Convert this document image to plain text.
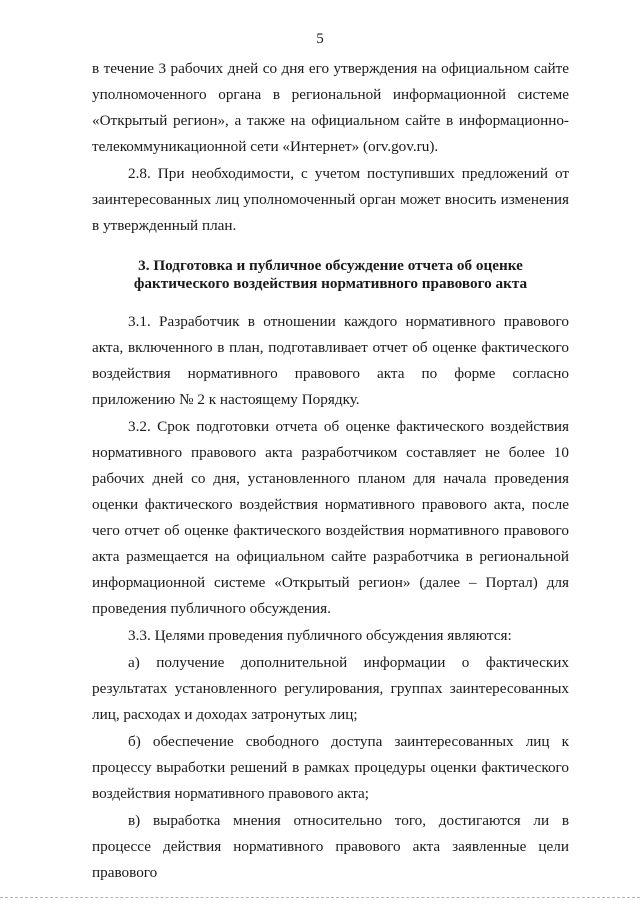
5

в течение 3 рабочих дней со дня его утверждения на официальном сайте уполномоченного органа в региональной информационной системе «Открытый регион», а также на официальном сайте в информационно-телекоммуникационной сети «Интернет» (orv.gov.ru).

2.8. При необходимости, с учетом поступивших предложений от заинтересованных лиц уполномоченный орган может вносить изменения в утвержденный план.

3. Подготовка и публичное обсуждение отчета об оценке
фактического воздействия нормативного правового акта

3.1. Разработчик в отношении каждого нормативного правового акта, включенного в план, подготавливает отчет об оценке фактического воздействия нормативного правового акта по форме согласно приложению № 2 к настоящему Порядку.

3.2. Срок подготовки отчета об оценке фактического воздействия нормативного правового акта разработчиком составляет не более 10 рабочих дней со дня, установленного планом для начала проведения оценки фактического воздействия нормативного правового акта, после чего отчет об оценке фактического воздействия нормативного правового акта размещается на официальном сайте разработчика в региональной информационной системе «Открытый регион» (далее – Портал) для проведения публичного обсуждения.

3.3. Целями проведения публичного обсуждения являются:

а) получение дополнительной информации о фактических результатах установленного регулирования, группах заинтересованных лиц, расходах и доходах затронутых лиц;

б) обеспечение свободного доступа заинтересованных лиц к процессу выработки решений в рамках процедуры оценки фактического воздействия нормативного правового акта;

в) выработка мнения относительно того, достигаются ли в процессе действия нормативного правового акта заявленные цели правового
